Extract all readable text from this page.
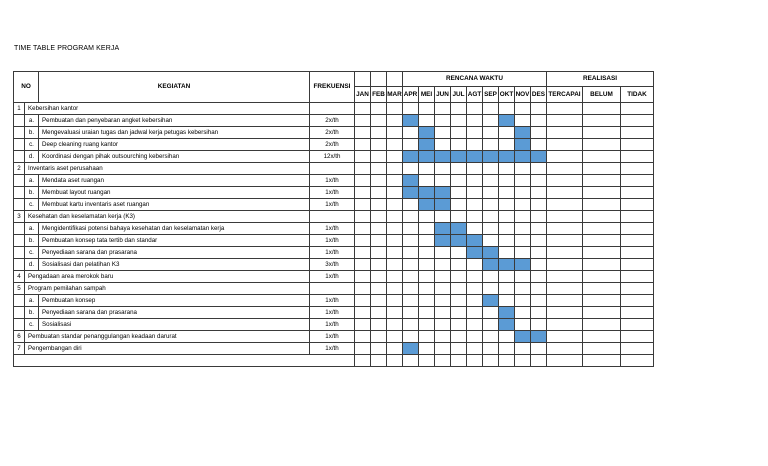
TIME TABLE PROGRAM KERJA
NO		KEGIATAN	FREKUENSI				RENCANA WAKTU									REALISASI		
				JAN	FEB	MAR	APR	MEI	JUN	JUL	AGT	SEP	OKT	NOV	DES	TERCAPAI	BELUM	TIDAK
1	Kebersihan kantor																	
	a.	Pembuatan dan penyebaran angket kebersihan	2x/th															
	b.	Mengevaluasi uraian tugas dan jadwal kerja petugas kebersihan	2x/th															
	c.	Deep cleaning ruang kantor	2x/th															
	d.	Koordinasi dengan pihak outsourching kebersihan	12x/th															
2	Inventaris aset perusahaan																	
	a.	Mendata aset ruangan	1x/th															
	b.	Membuat layout ruangan	1x/th															
	c.	Membuat kartu inventaris aset ruangan	1x/th															
3	Kesehatan dan keselamatan kerja (K3)																	
	a.	Mengidentifikasi potensi bahaya kesehatan dan keselamatan kerja	1x/th															
	b.	Pembuatan konsep tata tertib dan standar	1x/th															
	c.	Penyediaan sarana dan prasarana	1x/th															
	d.	Sosialisasi dan pelatihan K3	3x/th															
4	Pengadaan area merokok baru		1x/th															
5	Program pemilahan sampah																	
	a.	Pembuatan konsep	1x/th															
	b.	Penyediaan sarana dan prasarana	1x/th															
	c.	Sosialisasi	1x/th															
6	Pembuatan standar penanggulangan keadaan darurat		1x/th															
7	Pengembangan diri		1x/th															
